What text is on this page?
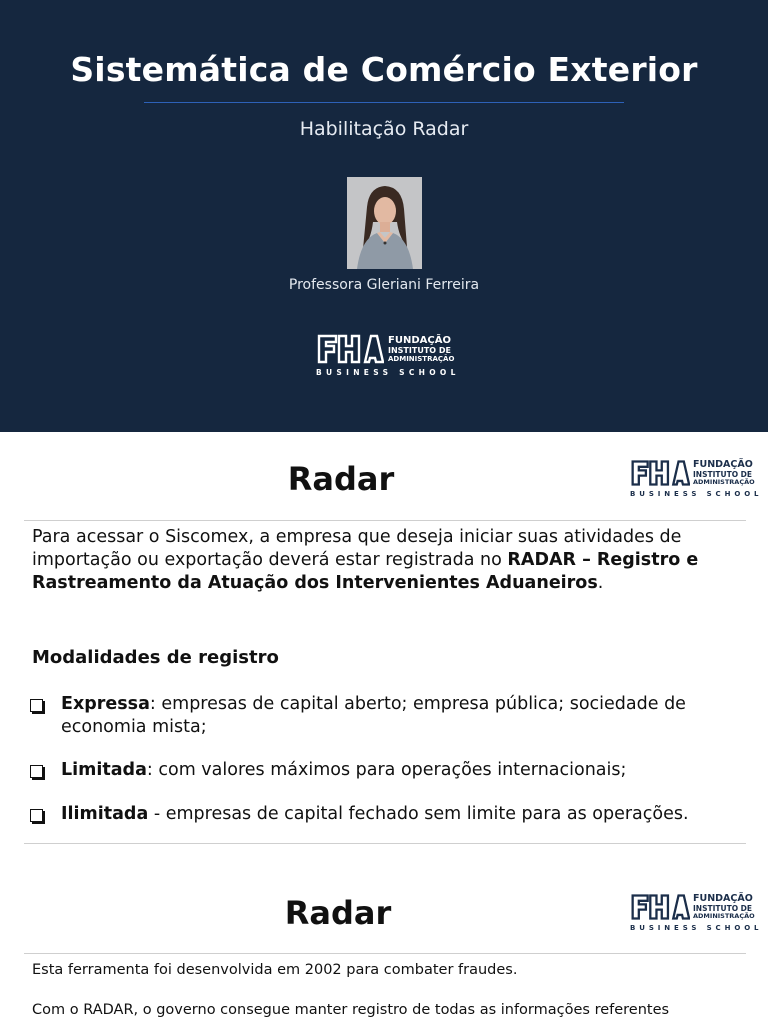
Sistemática de Comércio Exterior
Habilitação Radar
Professora Gleriani Ferreira
FUNDAÇÃO
INSTITUTO DE
ADMINISTRAÇÃO
BUSINESS SCHOOL
Radar	FUNDAÇÃO
INSTITUTO DE
ADMINISTRAÇÃO
BUSINESS SCHOOL
Para acessar o Siscomex, a empresa que deseja iniciar suas atividades de importação ou exportação deverá estar registrada no RADAR – Registro e Rastreamento da Atuação dos Intervenientes Aduaneiros.
Modalidades de registro
Expressa: empresas de capital aberto; empresa pública; sociedade de economia mista;
Limitada: com valores máximos para operações internacionais;
Ilimitada - empresas de capital fechado sem limite para as operações.
Radar	FUNDAÇÃO
INSTITUTO DE
ADMINISTRAÇÃO
BUSINESS SCHOOL
Esta ferramenta foi desenvolvida em 2002 para combater fraudes.
Com o RADAR, o governo consegue manter registro de todas as informações referentes
